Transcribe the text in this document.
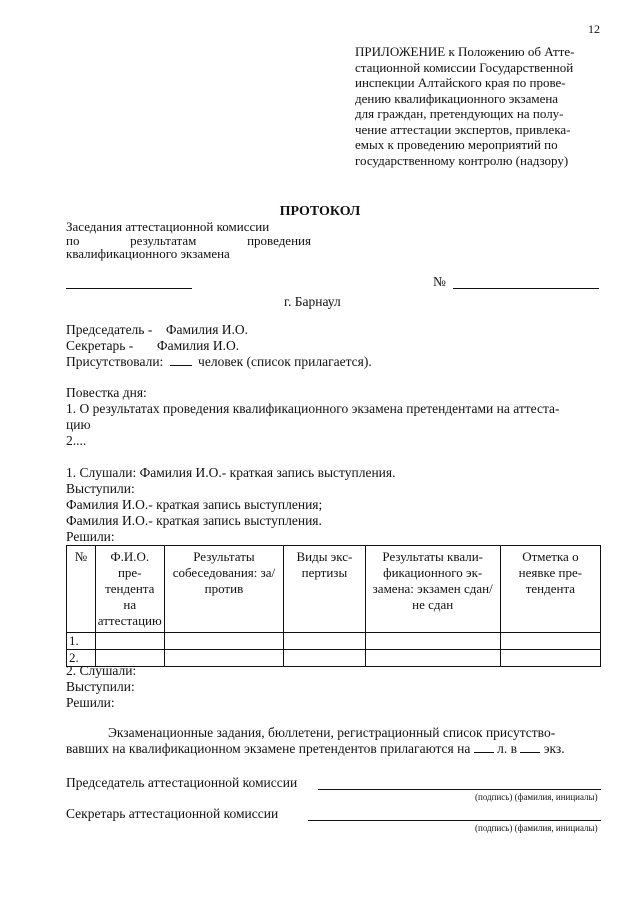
12
ПРИЛОЖЕНИЕ к Положению об Атте-
стационной комиссии Государственной
инспекции Алтайского края по прове-
дению квалификационного экзамена
для граждан, претендующих на полу-
чение аттестации экспертов, привлека-
емых к проведению мероприятий по
государственному контролю (надзору)
ПРОТОКОЛ
Заседания аттестационной комиссии
по	результатам	проведения
квалификационного экзамена
№
г. Барнаул
Председатель -    Фамилия И.О.
Секретарь -       Фамилия И.О.
Присутствовали:	человек (список прилагается).
Повестка дня:
1. О результатах проведения квалификационного экзамена претендентами на аттеста-
цию
2....
1. Слушали: Фамилия И.О.- краткая запись выступления.
Выступили:
Фамилия И.О.- краткая запись выступления;
Фамилия И.О.- краткая запись выступления.
Решили:
№	Ф.И.О. пре-тендента на аттестацию	Результаты собеседования: за/против	Виды экс-пертизы	Результаты квали-фикационного эк-замена: экзамен сдан/не сдан	Отметка о неявке пре-тендента
1.					
2.					
2. Слушали:
Выступили:
Решили:
Экзаменационные задания, бюллетени, регистрационный список присутство-
вавших на квалификационном экзамене претендентов прилагаются на л. в экз.
Председатель аттестационной комиссии
(подпись) (фамилия, инициалы)
Секретарь аттестационной комиссии
(подпись) (фамилия, инициалы)
